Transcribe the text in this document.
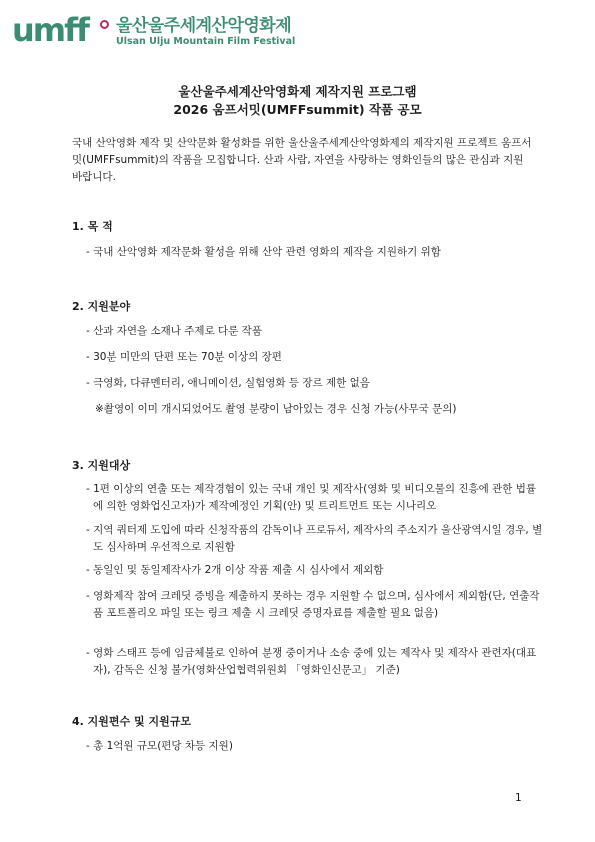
umff	울산울주세계산악영화제
Ulsan Ulju Mountain Film Festival
울산울주세계산악영화제 제작지원 프로그램
2026 움프서밋(UMFFsummit) 작품 공모
국내 산악영화 제작 및 산악문화 활성화를 위한 울산울주세계산악영화제의 제작지원 프로젝트 움프서밋(UMFFsummit)의 작품을 모집합니다. 산과 사람, 자연을 사랑하는 영화인들의 많은 관심과 지원바랍니다.
1. 목 적
- 국내 산악영화 제작문화 활성을 위해 산악 관련 영화의 제작을 지원하기 위함
2. 지원분야
- 산과 자연을 소재나 주제로 다룬 작품
- 30분 미만의 단편 또는 70분 이상의 장편
- 극영화, 다큐멘터리, 애니메이션, 실험영화 등 장르 제한 없음
※촬영이 이미 개시되었어도 촬영 분량이 남아있는 경우 신청 가능(사무국 문의)
3. 지원대상
- 1편 이상의 연출 또는 제작경험이 있는 국내 개인 및 제작사(영화 및 비디오물의 진흥에 관한 법률에 의한 영화업신고자)가 제작예정인 기획(안) 및 트리트먼트 또는 시나리오
- 지역 쿼터제 도입에 따라 신청작품의 감독이나 프로듀서, 제작사의 주소지가 울산광역시일 경우, 별도 심사하며 우선적으로 지원함
- 동일인 및 동일제작사가 2개 이상 작품 제출 시 심사에서 제외함
- 영화제작 참여 크레딧 증빙을 제출하지 못하는 경우 지원할 수 없으며, 심사에서 제외함(단, 연출작품 포트폴리오 파일 또는 링크 제출 시 크레딧 증명자료를 제출할 필요 없음)
- 영화 스태프 등에 임금체불로 인하여 분쟁 중이거나 소송 중에 있는 제작사 및 제작사 관련자(대표자), 감독은 신청 불가(영화산업협력위원회 「영화인신문고」 기준)
4. 지원편수 및 지원규모
- 총 1억원 규모(편당 차등 지원)
1
